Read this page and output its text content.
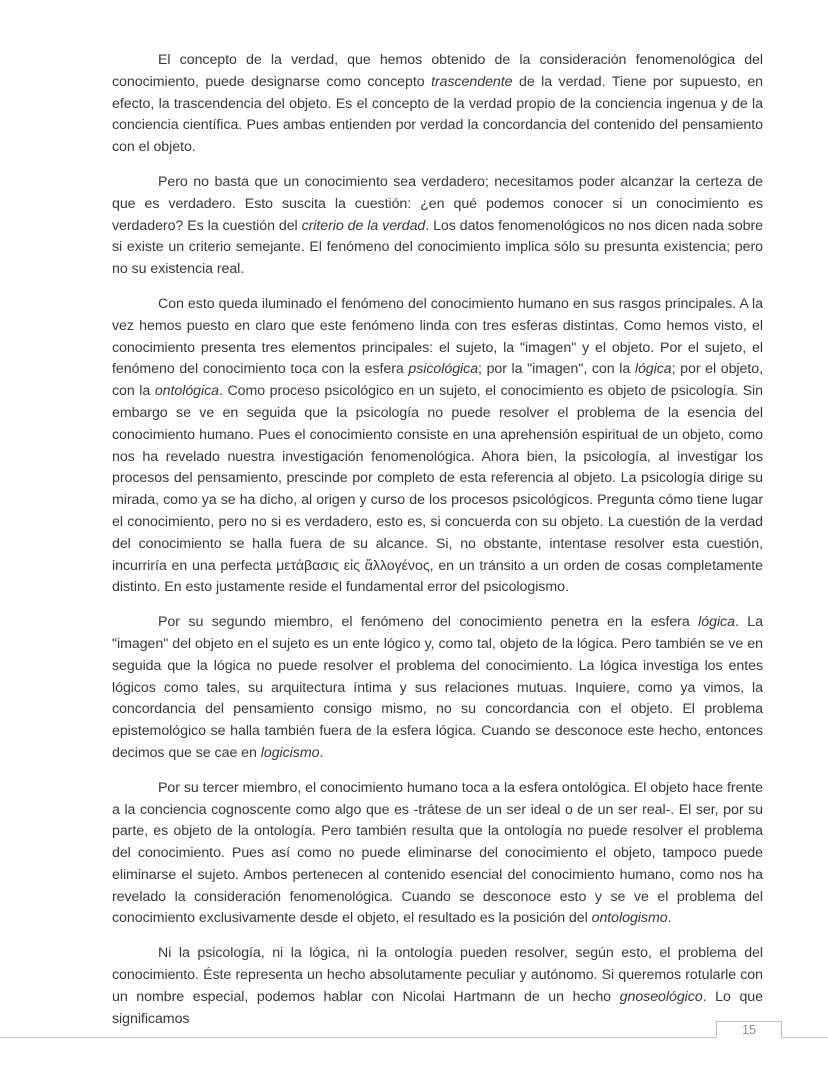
El concepto de la verdad, que hemos obtenido de la consideración fenomenológica del conocimiento, puede designarse como concepto trascendente de la verdad. Tiene por supuesto, en efecto, la trascendencia del objeto. Es el concepto de la verdad propio de la conciencia ingenua y de la conciencia científica. Pues ambas entienden por verdad la concordancia del contenido del pensamiento con el objeto.

Pero no basta que un conocimiento sea verdadero; necesitamos poder alcanzar la certeza de que es verdadero. Esto suscita la cuestión: ¿en qué podemos conocer si un conocimiento es verdadero? Es la cuestión del criterio de la verdad. Los datos fenomenológicos no nos dicen nada sobre si existe un criterio semejante. El fenómeno del conocimiento implica sólo su presunta existencia; pero no su existencia real.

Con esto queda iluminado el fenómeno del conocimiento humano en sus rasgos principales. A la vez hemos puesto en claro que este fenómeno linda con tres esferas distintas. Como hemos visto, el conocimiento presenta tres elementos principales: el sujeto, la "imagen" y el objeto. Por el sujeto, el fenómeno del conocimiento toca con la esfera psicológica; por la "imagen", con la lógica; por el objeto, con la ontológica. Como proceso psicológico en un sujeto, el conocimiento es objeto de psicología. Sin embargo se ve en seguida que la psicología no puede resolver el problema de la esencia del conocimiento humano. Pues el conocimiento consiste en una aprehensión espiritual de un objeto, como nos ha revelado nuestra investigación fenomenológica. Ahora bien, la psicología, al investigar los procesos del pensamiento, prescinde por completo de esta referencia al objeto. La psicología dirige su mirada, como ya se ha dicho, al origen y curso de los procesos psicológicos. Pregunta cómo tiene lugar el conocimiento, pero no si es verdadero, esto es, si concuerda con su objeto. La cuestión de la verdad del conocimiento se halla fuera de su alcance. Si, no obstante, intentase resolver esta cuestión, incurriría en una perfecta μετάβασις εἰς ἄλλογένος, en un tránsito a un orden de cosas completamente distinto. En esto justamente reside el fundamental error del psicologismo.

Por su segundo miembro, el fenómeno del conocimiento penetra en la esfera lógica. La "imagen" del objeto en el sujeto es un ente lógico y, como tal, objeto de la lógica. Pero también se ve en seguida que la lógica no puede resolver el problema del conocimiento. La lógica investiga los entes lógicos como tales, su arquitectura íntima y sus relaciones mutuas. Inquiere, como ya vimos, la concordancia del pensamiento consigo mismo, no su concordancia con el objeto. El problema epistemológico se halla también fuera de la esfera lógica. Cuando se desconoce este hecho, entonces decimos que se cae en logicismo.

Por su tercer miembro, el conocimiento humano toca a la esfera ontológica. El objeto hace frente a la conciencia cognoscente como algo que es -trátese de un ser ideal o de un ser real-. El ser, por su parte, es objeto de la ontología. Pero también resulta que la ontología no puede resolver el problema del conocimiento. Pues así como no puede eliminarse del conocimiento el objeto, tampoco puede eliminarse el sujeto. Ambos pertenecen al contenido esencial del conocimiento humano, como nos ha revelado la consideración fenomenológica. Cuando se desconoce esto y se ve el problema del conocimiento exclusivamente desde el objeto, el resultado es la posición del ontologismo.

Ni la psicología, ni la lógica, ni la ontología pueden resolver, según esto, el problema del conocimiento. Éste representa un hecho absolutamente peculiar y autónomo. Si queremos rotularle con un nombre especial, podemos hablar con Nicolai Hartmann de un hecho gnoseológico. Lo que significamos

15
